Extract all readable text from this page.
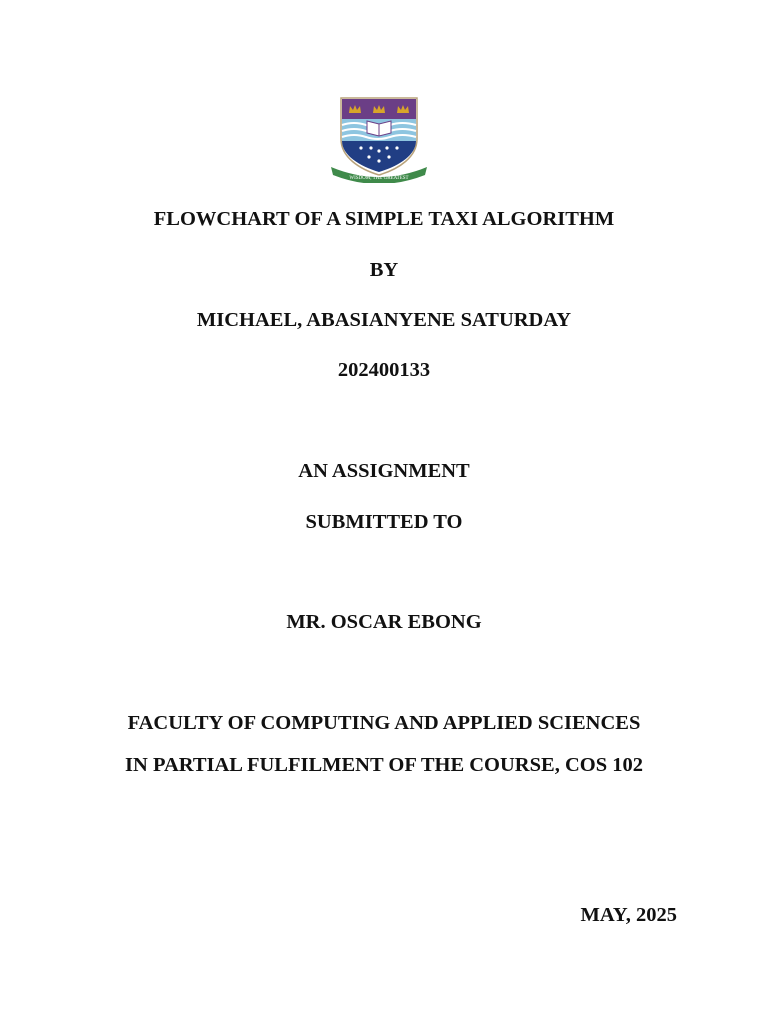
WISDOM, THE GREATEST
FLOWCHART OF A SIMPLE TAXI ALGORITHM
BY
MICHAEL, ABASIANYENE SATURDAY
202400133
AN ASSIGNMENT
SUBMITTED TO
MR. OSCAR EBONG
FACULTY OF COMPUTING AND APPLIED SCIENCES
IN PARTIAL FULFILMENT OF THE COURSE, COS 102
MAY, 2025
